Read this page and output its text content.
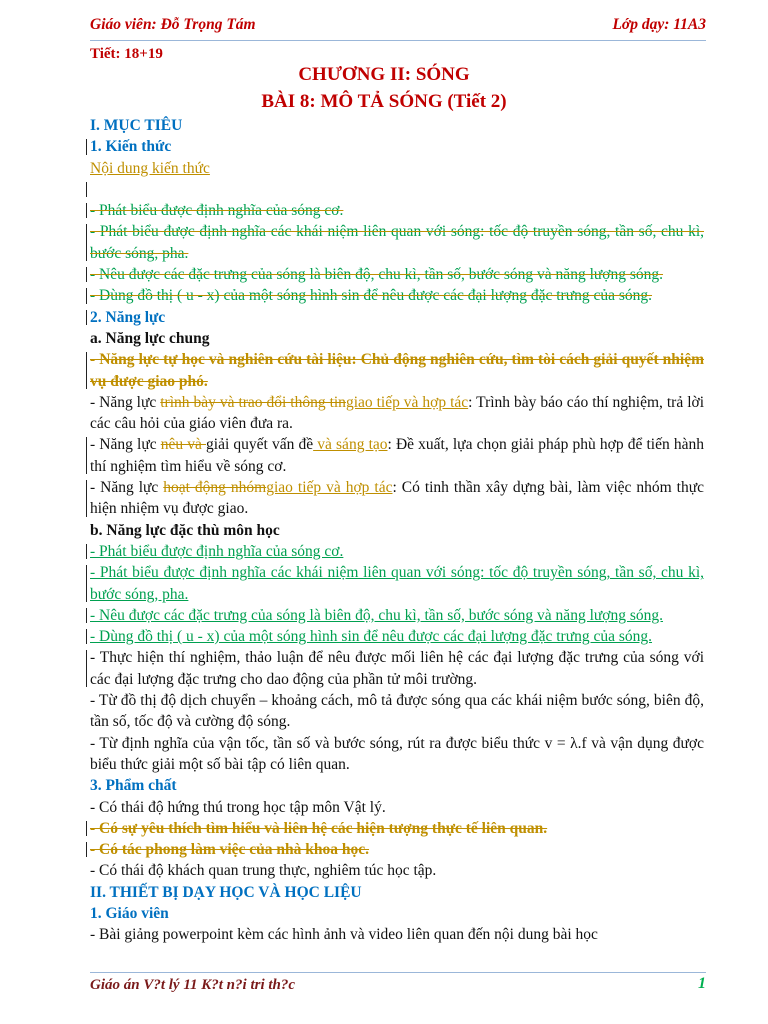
Giáo viên: Đỗ Trọng Tám	Lớp dạy: 11A3
Tiết: 18+19
CHƯƠNG II: SÓNG
BÀI 8: MÔ TẢ SÓNG (Tiết 2)
I. MỤC TIÊU
1. Kiến thức
Nội dung kiến thức
- Phát biểu được định nghĩa của sóng cơ.
- Phát biểu được định nghĩa các khái niệm liên quan với sóng: tốc độ truyền sóng, tần số, chu kì, bước sóng, pha.
- Nêu được các đặc trưng của sóng là biên độ, chu kì, tần số, bước sóng và năng lượng sóng.
- Dùng đồ thị ( u - x) của một sóng hình sin để nêu được các đại lượng đặc trưng của sóng.
2. Năng lực
a. Năng lực chung
- Năng lực tự học và nghiên cứu tài liệu: Chủ động nghiên cứu, tìm tòi cách giải quyết nhiệm vụ được giao phó.
- Năng lực trình bày và trao đổi thông tingiao tiếp và hợp tác: Trình bày báo cáo thí nghiệm, trả lời các câu hỏi của giáo viên đưa ra.
- Năng lực nêu và giải quyết vấn đề và sáng tạo: Đề xuất, lựa chọn giải pháp phù hợp để tiến hành thí nghiệm tìm hiểu về sóng cơ.
- Năng lực hoạt động nhómgiao tiếp và hợp tác: Có tinh thần xây dựng bài, làm việc nhóm thực hiện nhiệm vụ được giao.
b. Năng lực đặc thù môn học
- Phát biểu được định nghĩa của sóng cơ.
- Phát biểu được định nghĩa các khái niệm liên quan với sóng: tốc độ truyền sóng, tần số, chu kì, bước sóng, pha.
- Nêu được các đặc trưng của sóng là biên độ, chu kì, tần số, bước sóng và năng lượng sóng.
- Dùng đồ thị ( u - x) của một sóng hình sin để nêu được các đại lượng đặc trưng của sóng.
- Thực hiện thí nghiệm, thảo luận để nêu được mối liên hệ các đại lượng đặc trưng của sóng với các đại lượng đặc trưng cho dao động của phần tử môi trường.
- Từ đồ thị độ dịch chuyển – khoảng cách, mô tả được sóng qua các khái niệm bước sóng, biên độ, tần số, tốc độ và cường độ sóng.
- Từ định nghĩa của vận tốc, tần số và bước sóng, rút ra được biểu thức v = λ.f và vận dụng được biểu thức giải một số bài tập có liên quan.
3. Phẩm chất
- Có thái độ hứng thú trong học tập môn Vật lý.
- Có sự yêu thích tìm hiểu và liên hệ các hiện tượng thực tế liên quan.
- Có tác phong làm việc của nhà khoa học.
- Có thái độ khách quan trung thực, nghiêm túc học tập.
II. THIẾT BỊ DẠY HỌC VÀ HỌC LIỆU
1. Giáo viên
- Bài giảng powerpoint kèm các hình ảnh và video liên quan đến nội dung bài học
Giáo án V?t lý 11 K?t n?i tri th?c	1
